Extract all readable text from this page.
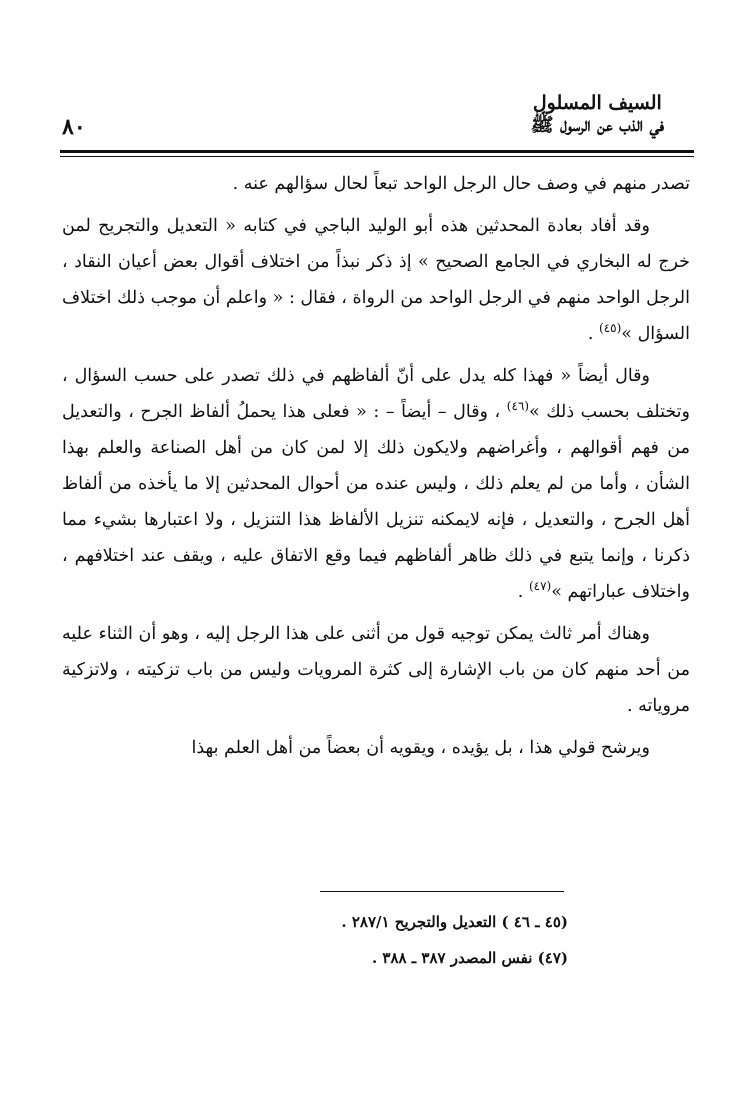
٨٠
السيف المسلول
في الذب عن الرسول ﷺ

تصدر منهم في وصف حال الرجل الواحد تبعاً لحال سؤالهم عنه .

وقد أفاد بعادة المحدثين هذه أبو الوليد الباجي في كتابه « التعديل والتجريح لمن خرج له البخاري في الجامع الصحيح » إذ ذكر نبذاً من اختلاف أقوال بعض أعيان النقاد ، الرجل الواحد منهم في الرجل الواحد من الرواة ، فقال : « واعلم أن موجب ذلك اختلاف السؤال »$^{(٤٥)}$ .

وقال أيضاً « فهذا كله يدل على أنّ ألفاظهم في ذلك تصدر على حسب السؤال ، وتختلف بحسب ذلك »$^{(٤٦)}$ ، وقال – أيضاً – : « فعلى هذا يحملُ ألفاظ الجرح ، والتعديل من فهم أقوالهم ، وأغراضهم ولايكون ذلك إلا لمن كان من أهل الصناعة والعلم بهذا الشأن ، وأما من لم يعلم ذلك ، وليس عنده من أحوال المحدثين إلا ما يأخذه من ألفاظ أهل الجرح ، والتعديل ، فإنه لايمكنه تنزيل الألفاظ هذا التنزيل ، ولا اعتبارها بشيء مما ذكرنا ، وإنما يتبع في ذلك ظاهر ألفاظهم فيما وقع الاتفاق عليه ، ويقف عند اختلافهم ، واختلاف عباراتهم »$^{(٤٧)}$ .

وهناك أمر ثالث يمكن توجيه قول من أثنى على هذا الرجل إليه ، وهو أن الثناء عليه من أحد منهم كان من باب الإشارة إلى كثرة المرويات وليس من باب تزكيته ، ولاتزكية مروياته .

ويرشح قولي هذا ، بل يؤيده ، ويقويه أن بعضاً من أهل العلم بهذا

(٤٥ ـ ٤٦ ) التعديل والتجريح ٢٨٧/١ .

(٤٧) نفس المصدر ٣٨٧ ـ ٣٨٨ .
